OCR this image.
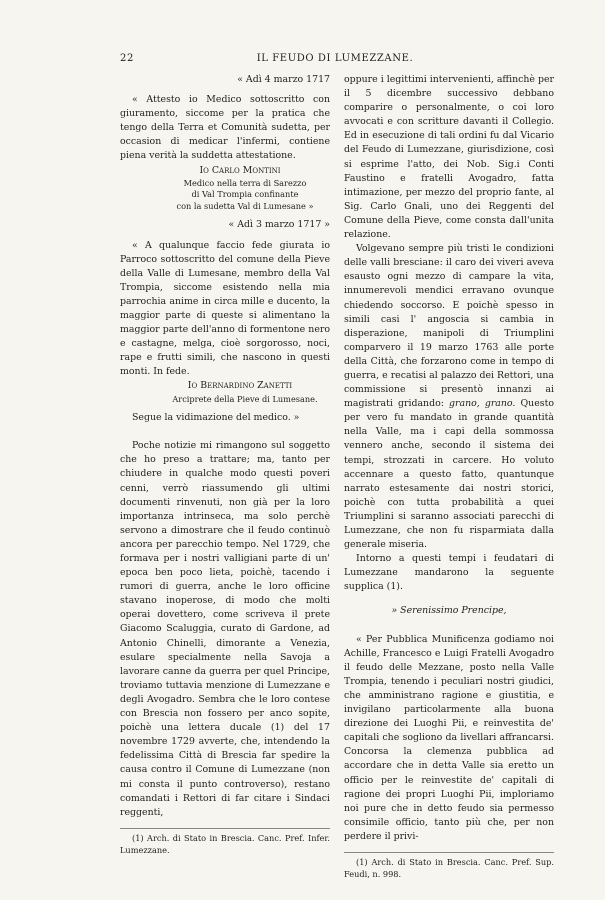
22	IL FEUDO DI LUMEZZANE.

« Adì 4 marzo 1717

« Attesto io Medico sottoscritto con giuramento, siccome per la pratica che tengo della Terra et Comunità sudetta, per occasion di medicar l'infermi, contiene piena verità la suddetta attestatione.

Io Carlo Montini

Medico nella terra di Sarezzo

di Val Trompia confinante

con la sudetta Val di Lumesane »

« Adì 3 marzo 1717 »

« A qualunque faccio fede giurata io Parroco sottoscritto del comune della Pieve della Valle di Lumesane, membro della Val Trompia, siccome esistendo nella mia parrochia anime in circa mille e ducento, la maggior parte di queste si alimentano la maggior parte dell'anno di formentone nero e castagne, melga, cioè sorgorosso, noci, rape e frutti simili, che nascono in questi monti. In fede.

Io Bernardino Zanetti

Arciprete della Pieve di Lumesane.

Segue la vidimazione del medico. »

Poche notizie mi rimangono sul soggetto che ho preso a trattare; ma, tanto per chiudere in qualche modo questi poveri cenni, verrò riassumendo gli ultimi documenti rinvenuti, non già per la loro importanza intrinseca, ma solo perchè servono a dimostrare che il feudo continuò ancora per parecchio tempo. Nel 1729, che formava per i nostri valligiani parte di un' epoca ben poco lieta, poichè, tacendo i rumori di guerra, anche le loro officine stavano inoperose, di modo che molti operai dovettero, come scriveva il prete Giacomo Scaluggia, curato di Gardone, ad Antonio Chinelli, dimorante a Venezia, esulare specialmente nella Savoja a lavorare canne da guerra per quel Principe, troviamo tuttavia menzione di Lumezzane e degli Avogadro. Sembra che le loro contese con Brescia non fossero per anco sopite, poichè una lettera ducale (1) del 17 novembre 1729 avverte, che, intendendo la fedelissima Città di Brescia far spedire la causa contro il Comune di Lumezzane (non mi consta il punto controverso), restano comandati i Rettori di far citare i Sindaci reggenti,

(1) Arch. di Stato in Brescia. Canc. Pref. Infer. Lumezzane.

oppure i legittimi intervenienti, affinchè per il 5 dicembre successivo debbano comparire o personalmente, o coi loro avvocati e con scritture davanti il Collegio. Ed in esecuzione di tali ordini fu dal Vicario del Feudo di Lumezzane, giurisdizione, così si esprime l'atto, dei Nob. Sig.i Conti Faustino e fratelli Avogadro, fatta intimazione, per mezzo del proprio fante, al Sig. Carlo Gnali, uno dei Reggenti del Comune della Pieve, come consta dall'unita relazione.

Volgevano sempre più tristi le condizioni delle valli bresciane: il caro dei viveri aveva esausto ogni mezzo di campare la vita, innumerevoli mendici erravano ovunque chiedendo soccorso. E poichè spesso in simili casi l' angoscia si cambia in disperazione, manipoli di Triumplini comparvero il 19 marzo 1763 alle porte della Città, che forzarono come in tempo di guerra, e recatisi al palazzo dei Rettori, una commissione si presentò innanzi ai magistrati gridando: grano, grano. Questo per vero fu mandato in grande quantità nella Valle, ma i capi della sommossa vennero anche, secondo il sistema dei tempi, strozzati in carcere. Ho voluto accennare a questo fatto, quantunque narrato estesamente dai nostri storici, poichè con tutta probabilità a quei Triumplini si saranno associati parecchi di Lumezzane, che non fu risparmiata dalla generale miseria.

Intorno a questi tempi i feudatari di Lumezzane mandarono la seguente supplica (1).

» Serenissimo Prencipe,

« Per Pubblica Munificenza godiamo noi Achille, Francesco e Luigi Fratelli Avogadro il feudo delle Mezzane, posto nella Valle Trompia, tenendo i peculiari nostri giudici, che amministrano ragione e giustitia, e invigilano particolarmente alla buona direzione dei Luoghi Pii, e reinvestita de' capitali che sogliono da livellari affrancarsi. Concorsa la clemenza pubblica ad accordare che in detta Valle sia eretto un officio per le reinvestite de' capitali di ragione dei propri Luoghi Pii, imploriamo noi pure che in detto feudo sia permesso consimile officio, tanto più che, per non perdere il privi-

(1) Arch. di Stato in Brescia. Canc. Pref. Sup. Feudi, n. 998.
